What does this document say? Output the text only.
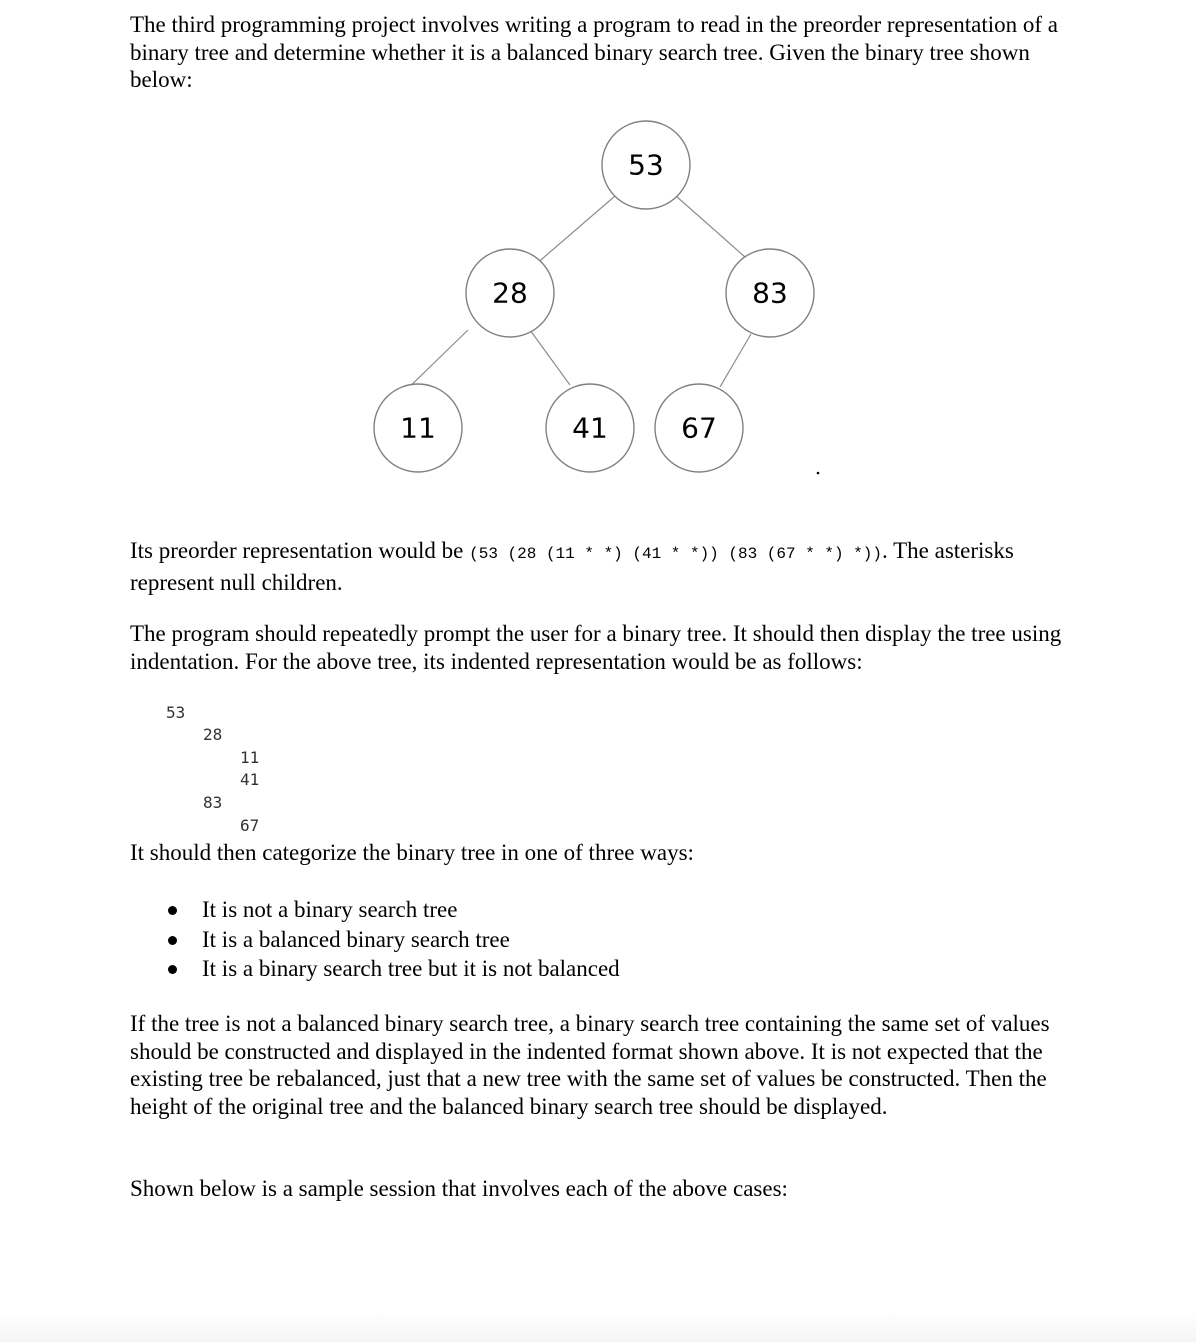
The third programming project involves writing a program to read in the preorder representation of a binary tree and determine whether it is a balanced binary search tree. Given the binary tree shown below:

53
28	83
11	41	67

Its preorder representation would be (53 (28 (11 * *) (41 * *)) (83 (67 * *) *)). The asterisks represent null children.

The program should repeatedly prompt the user for a binary tree. It should then display the tree using indentation. For the above tree, its indented representation would be as follows:

53

28

11

41

83

67

It should then categorize the binary tree in one of three ways:

It is not a binary search tree
It is a balanced binary search tree
It is a binary search tree but it is not balanced

If the tree is not a balanced binary search tree, a binary search tree containing the same set of values should be constructed and displayed in the indented format shown above. It is not expected that the existing tree be rebalanced, just that a new tree with the same set of values be constructed. Then the height of the original tree and the balanced binary search tree should be displayed.

Shown below is a sample session that involves each of the above cases:
